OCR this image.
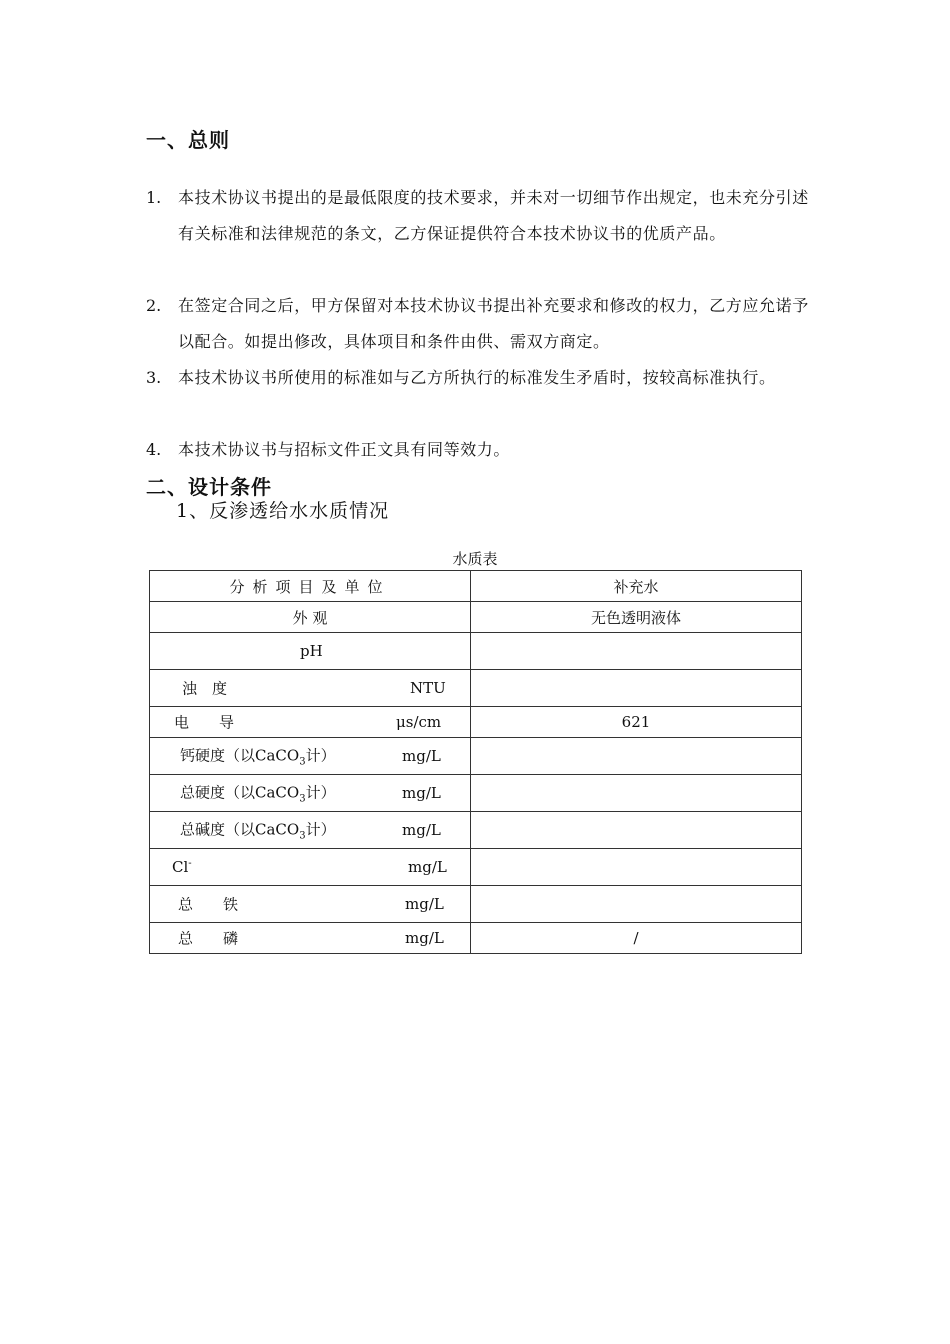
一、总则
1.	本技术协议书提出的是最低限度的技术要求，并未对一切细节作出规定，也未充分引述有关标准和法律规范的条文，乙方保证提供符合本技术协议书的优质产品。
2.	在签定合同之后，甲方保留对本技术协议书提出补充要求和修改的权力，乙方应允诺予以配合。如提出修改，具体项目和条件由供、需双方商定。
3.	本技术协议书所使用的标准如与乙方所执行的标准发生矛盾时，按较高标准执行。
4.	本技术协议书与招标文件正文具有同等效力。
二、设计条件
1、反渗透给水水质情况
水质表
分析项目及单位	补充水
外 观	无色透明液体

pH	

浊　度 NTU	

电　　导 μs/cm	621

钙硬度（以CaCO$_3$计） mg/L	

总硬度（以CaCO$_3$计） mg/L	

总碱度（以CaCO$_3$计） mg/L	

Cl- mg/L	

总　　铁 mg/L	

总　　磷 mg/L	/
